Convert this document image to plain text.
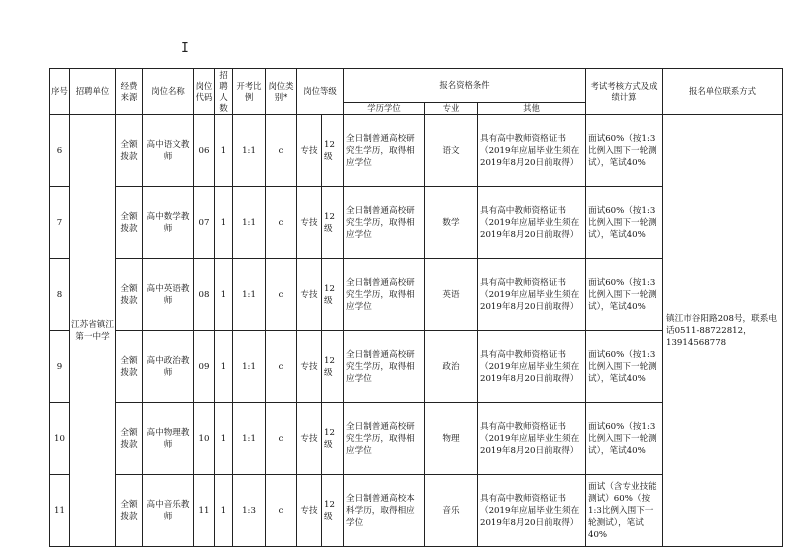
I
序号	招聘单位	经费来源	岗位名称	岗位代码	招聘人数	开考比例	岗位类别*	岗位等级		报名资格条件			考试考核方式及成绩计算	报名单位联系方式
										学历学位	专业	其他		
6	江苏省镇江第一中学	全额拨款	高中语文教师	06	1	1:1	c	专技	12级	全日制普通高校研究生学历，取得相应学位	语文	具有高中教师资格证书（2019年应届毕业生须在2019年8月20日前取得）	面试60%（按1:3比例入围下一轮测试），笔试40%	镇江市谷阳路208号，联系电话0511-88722812，13914568778
7		全额拨款	高中数学教师	07	1	1:1	c	专技	12级	全日制普通高校研究生学历，取得相应学位	数学	具有高中教师资格证书（2019年应届毕业生须在2019年8月20日前取得）	面试60%（按1:3比例入围下一轮测试），笔试40%	
8		全额拨款	高中英语教师	08	1	1:1	c	专技	12级	全日制普通高校研究生学历，取得相应学位	英语	具有高中教师资格证书（2019年应届毕业生须在2019年8月20日前取得）	面试60%（按1:3比例入围下一轮测试），笔试40%	
9		全额拨款	高中政治教师	09	1	1:1	c	专技	12级	全日制普通高校研究生学历，取得相应学位	政治	具有高中教师资格证书（2019年应届毕业生须在2019年8月20日前取得）	面试60%（按1:3比例入围下一轮测试），笔试40%	
10		全额拨款	高中物理教师	10	1	1:1	c	专技	12级	全日制普通高校研究生学历，取得相应学位	物理	具有高中教师资格证书（2019年应届毕业生须在2019年8月20日前取得）	面试60%（按1:3比例入围下一轮测试），笔试40%	
11		全额拨款	高中音乐教师	11	1	1:3	c	专技	12级	全日制普通高校本科学历，取得相应学位	音乐	具有高中教师资格证书（2019年应届毕业生须在2019年8月20日前取得）	面试（含专业技能测试）60%（按1:3比例入围下一轮测试），笔试40%	
